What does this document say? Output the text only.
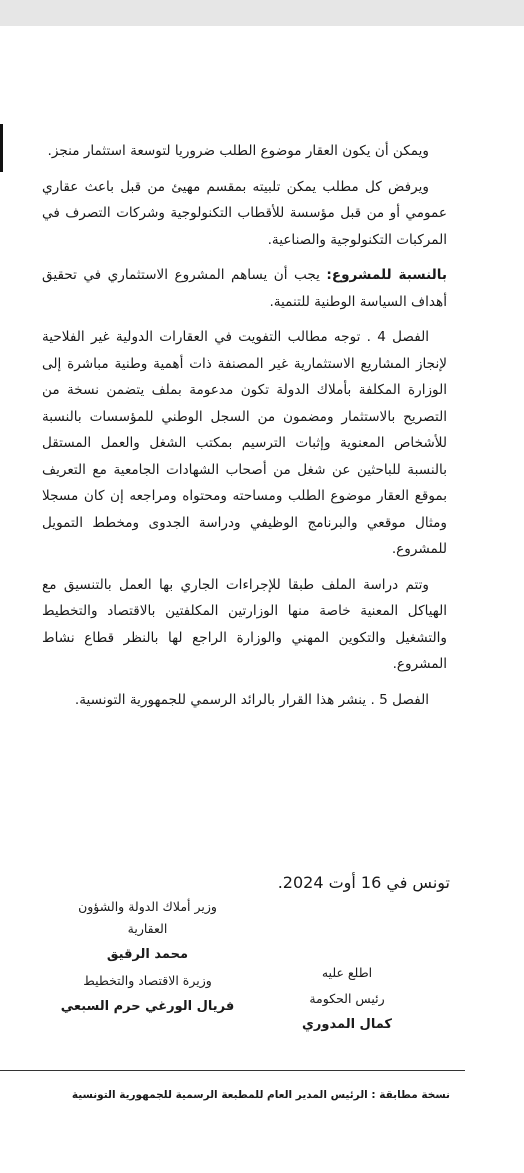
ويمكن أن يكون العقار موضوع الطلب ضروريا لتوسعة استثمار منجز.

ويرفض كل مطلب يمكن تلبيته بمقسم مهيئ من قبل باعث عقاري عمومي أو من قبل مؤسسة للأقطاب التكنولوجية وشركات التصرف في المركبات التكنولوجية والصناعية.

بالنسبة للمشروع: يجب أن يساهم المشروع الاستثماري في تحقيق أهداف السياسة الوطنية للتنمية.

الفصل 4 . توجه مطالب التفويت في العقارات الدولية غير الفلاحية لإنجاز المشاريع الاستثمارية غير المصنفة ذات أهمية وطنية مباشرة إلى الوزارة المكلفة بأملاك الدولة تكون مدعومة بملف يتضمن نسخة من التصريح بالاستثمار ومضمون من السجل الوطني للمؤسسات بالنسبة للأشخاص المعنوية وإثبات الترسيم بمكتب الشغل والعمل المستقل بالنسبة للباحثين عن شغل من أصحاب الشهادات الجامعية مع التعريف بموقع العقار موضوع الطلب ومساحته ومحتواه ومراجعه إن كان مسجلا ومثال موقعي والبرنامج الوظيفي ودراسة الجدوى ومخطط التمويل للمشروع.

وتتم دراسة الملف طبقا للإجراءات الجاري بها العمل بالتنسيق مع الهياكل المعنية خاصة منها الوزارتين المكلفتين بالاقتصاد والتخطيط والتشغيل والتكوين المهني والوزارة الراجع لها بالنظر قطاع نشاط المشروع.

الفصل 5 . ينشر هذا القرار بالرائد الرسمي للجمهورية التونسية.

تونس في 16 أوت 2024.
وزير أملاك الدولة والشؤون العقارية
محمد الرقيق
وزيرة الاقتصاد والتخطيط
فريال الورغي حرم السبعي
اطلع عليه
رئيس الحكومة
كمال المدوري
نسخة مطابقة : الرئيس المدير العام للمطبعة الرسمية للجمهورية التونسية
